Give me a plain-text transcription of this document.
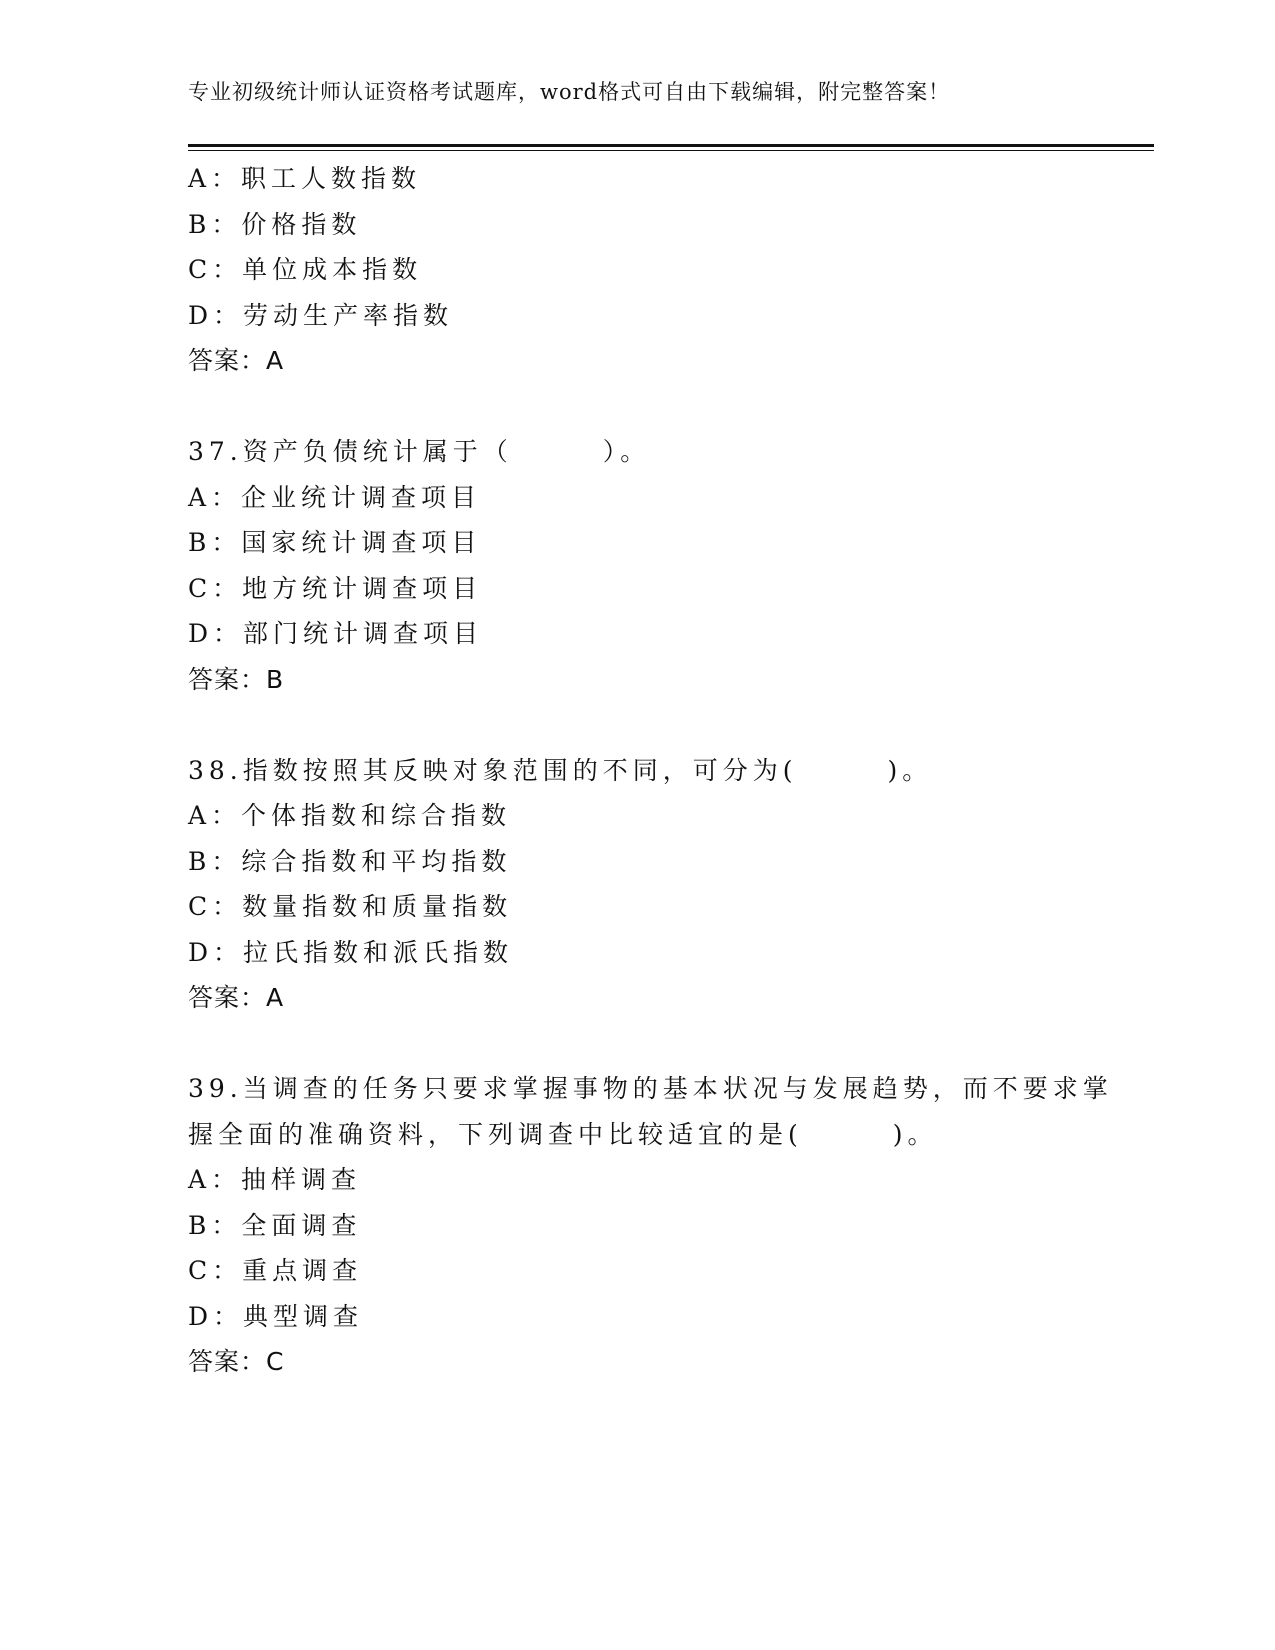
专业初级统计师认证资格考试题库，word格式可自由下载编辑，附完整答案！
A：职工人数指数
B：价格指数
C：单位成本指数
D：劳动生产率指数
答案：A
37.资产负债统计属于（　　　）。
A：企业统计调查项目
B：国家统计调查项目
C：地方统计调查项目
D：部门统计调查项目
答案：B
38.指数按照其反映对象范围的不同，可分为(　　　)。
A：个体指数和综合指数
B：综合指数和平均指数
C：数量指数和质量指数
D：拉氏指数和派氏指数
答案：A
39.当调查的任务只要求掌握事物的基本状况与发展趋势，而不要求掌
握全面的准确资料，下列调查中比较适宜的是(　　　)。
A：抽样调查
B：全面调查
C：重点调查
D：典型调查
答案：C
